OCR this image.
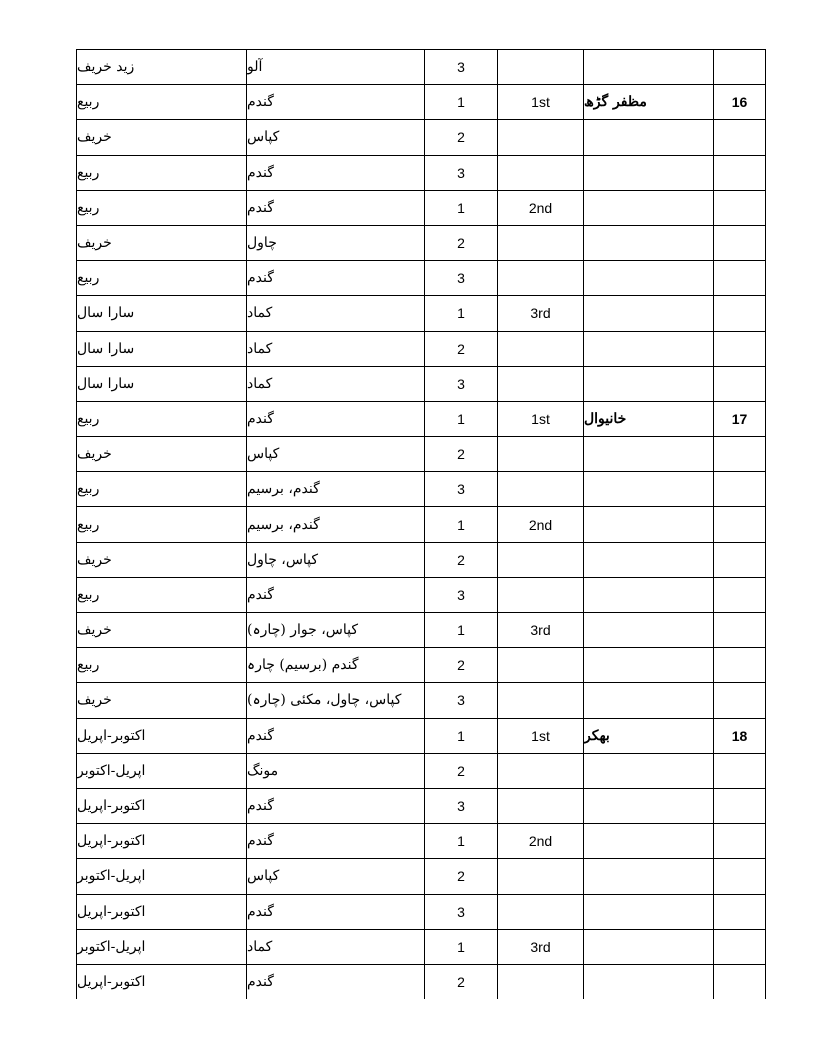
زید خریف	آلو	3			
ربیع	گندم	1	1st	مظفر گڑھ	16
خریف	کپاس	2			
ربیع	گندم	3			
ربیع	گندم	1	2nd		
خریف	چاول	2			
ربیع	گندم	3			
سارا سال	کماد	1	3rd		
سارا سال	کماد	2			
سارا سال	کماد	3			
ربیع	گندم	1	1st	خانیوال	17
خریف	کپاس	2			
ربیع	گندم، برسیم	3			
ربیع	گندم، برسیم	1	2nd		
خریف	کپاس، چاول	2			
ربیع	گندم	3			
خریف	کپاس، جوار (چارہ)	1	3rd		
ربیع	گندم (برسیم) چارہ	2			
خریف	کپاس، چاول، مکئی (چارہ)	3			
اکتوبر-اپریل	گندم	1	1st	بھکر	18
اپریل-اکتوبر	مونگ	2			
اکتوبر-اپریل	گندم	3			
اکتوبر-اپریل	گندم	1	2nd		
اپریل-اکتوبر	کپاس	2			
اکتوبر-اپریل	گندم	3			
اپریل-اکتوبر	کماد	1	3rd		
اکتوبر-اپریل	گندم	2			
